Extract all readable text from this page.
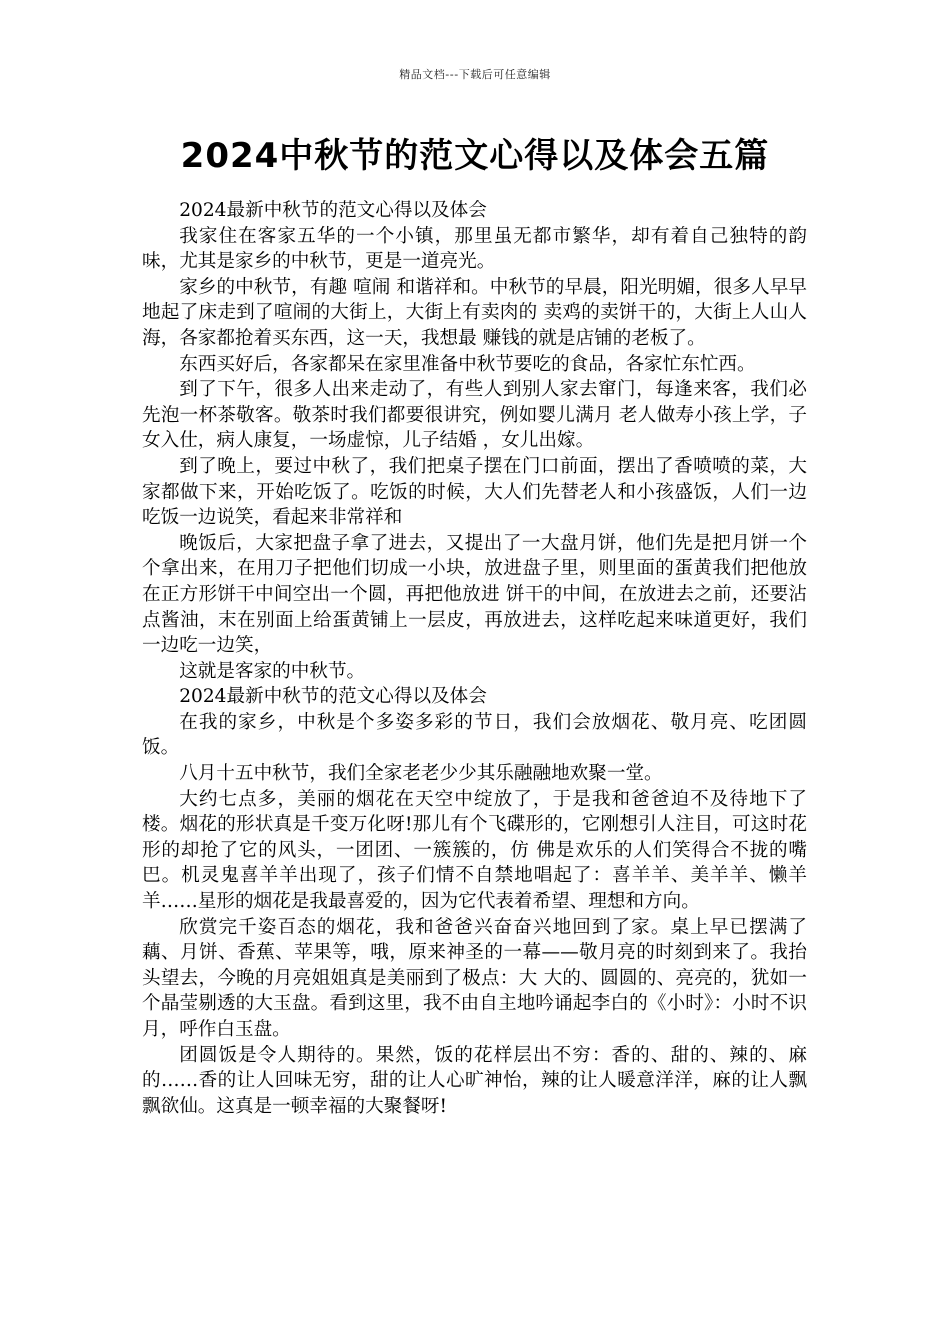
精品文档---下载后可任意编辑
2024中秋节的范文心得以及体会五篇

2024最新中秋节的范文心得以及体会

我家住在客家五华的一个小镇，那里虽无都市繁华，却有着自己独特的韵味，尤其是家乡的中秋节，更是一道亮光。

家乡的中秋节，有趣 喧闹 和谐祥和。中秋节的早晨，阳光明媚，很多人早早地起了床走到了喧闹的大街上，大街上有卖肉的 卖鸡的卖饼干的，大街上人山人海，各家都抢着买东西，这一天，我想最 赚钱的就是店铺的老板了。

东西买好后，各家都呆在家里准备中秋节要吃的食品，各家忙东忙西。

到了下午，很多人出来走动了，有些人到别人家去窜门，每逢来客，我们必先泡一杯茶敬客。敬茶时我们都要很讲究，例如婴儿满月 老人做寿小孩上学，子女入仕，病人康复，一场虚惊，儿子结婚 ，女儿出嫁。

到了晚上，要过中秋了，我们把桌子摆在门口前面，摆出了香喷喷的菜，大家都做下来，开始吃饭了。吃饭的时候，大人们先替老人和小孩盛饭，人们一边吃饭一边说笑，看起来非常祥和

晚饭后，大家把盘子拿了进去，又提出了一大盘月饼，他们先是把月饼一个个拿出来，在用刀子把他们切成一小块，放进盘子里，则里面的蛋黄我们把他放在正方形饼干中间空出一个圆，再把他放进 饼干的中间，在放进去之前，还要沾点酱油，末在别面上给蛋黄铺上一层皮，再放进去，这样吃起来味道更好，我们一边吃一边笑，

这就是客家的中秋节。

2024最新中秋节的范文心得以及体会

在我的家乡，中秋是个多姿多彩的节日，我们会放烟花、敬月亮、吃团圆饭。

八月十五中秋节，我们全家老老少少其乐融融地欢聚一堂。

大约七点多，美丽的烟花在天空中绽放了，于是我和爸爸迫不及待地下了楼。烟花的形状真是千变万化呀!那儿有个飞碟形的，它刚想引人注目，可这时花形的却抢了它的风头，一团团、一簇簇的，仿 佛是欢乐的人们笑得合不拢的嘴巴。机灵鬼喜羊羊出现了，孩子们情不自禁地唱起了：喜羊羊、美羊羊、懒羊羊……星形的烟花是我最喜爱的，因为它代表着希望、理想和方向。

欣赏完千姿百态的烟花，我和爸爸兴奋奋兴地回到了家。桌上早已摆满了藕、月饼、香蕉、苹果等，哦，原来神圣的一幕——敬月亮的时刻到来了。我抬头望去，今晚的月亮姐姐真是美丽到了极点：大 大的、圆圆的、亮亮的，犹如一个晶莹剔透的大玉盘。看到这里，我不由自主地吟诵起李白的《小时》：小时不识月，呼作白玉盘。

团圆饭是令人期待的。果然，饭的花样层出不穷：香的、甜的、辣的、麻的……香的让人回味无穷，甜的让人心旷神怡，辣的让人暖意洋洋，麻的让人飘飘欲仙。这真是一顿幸福的大聚餐呀!
